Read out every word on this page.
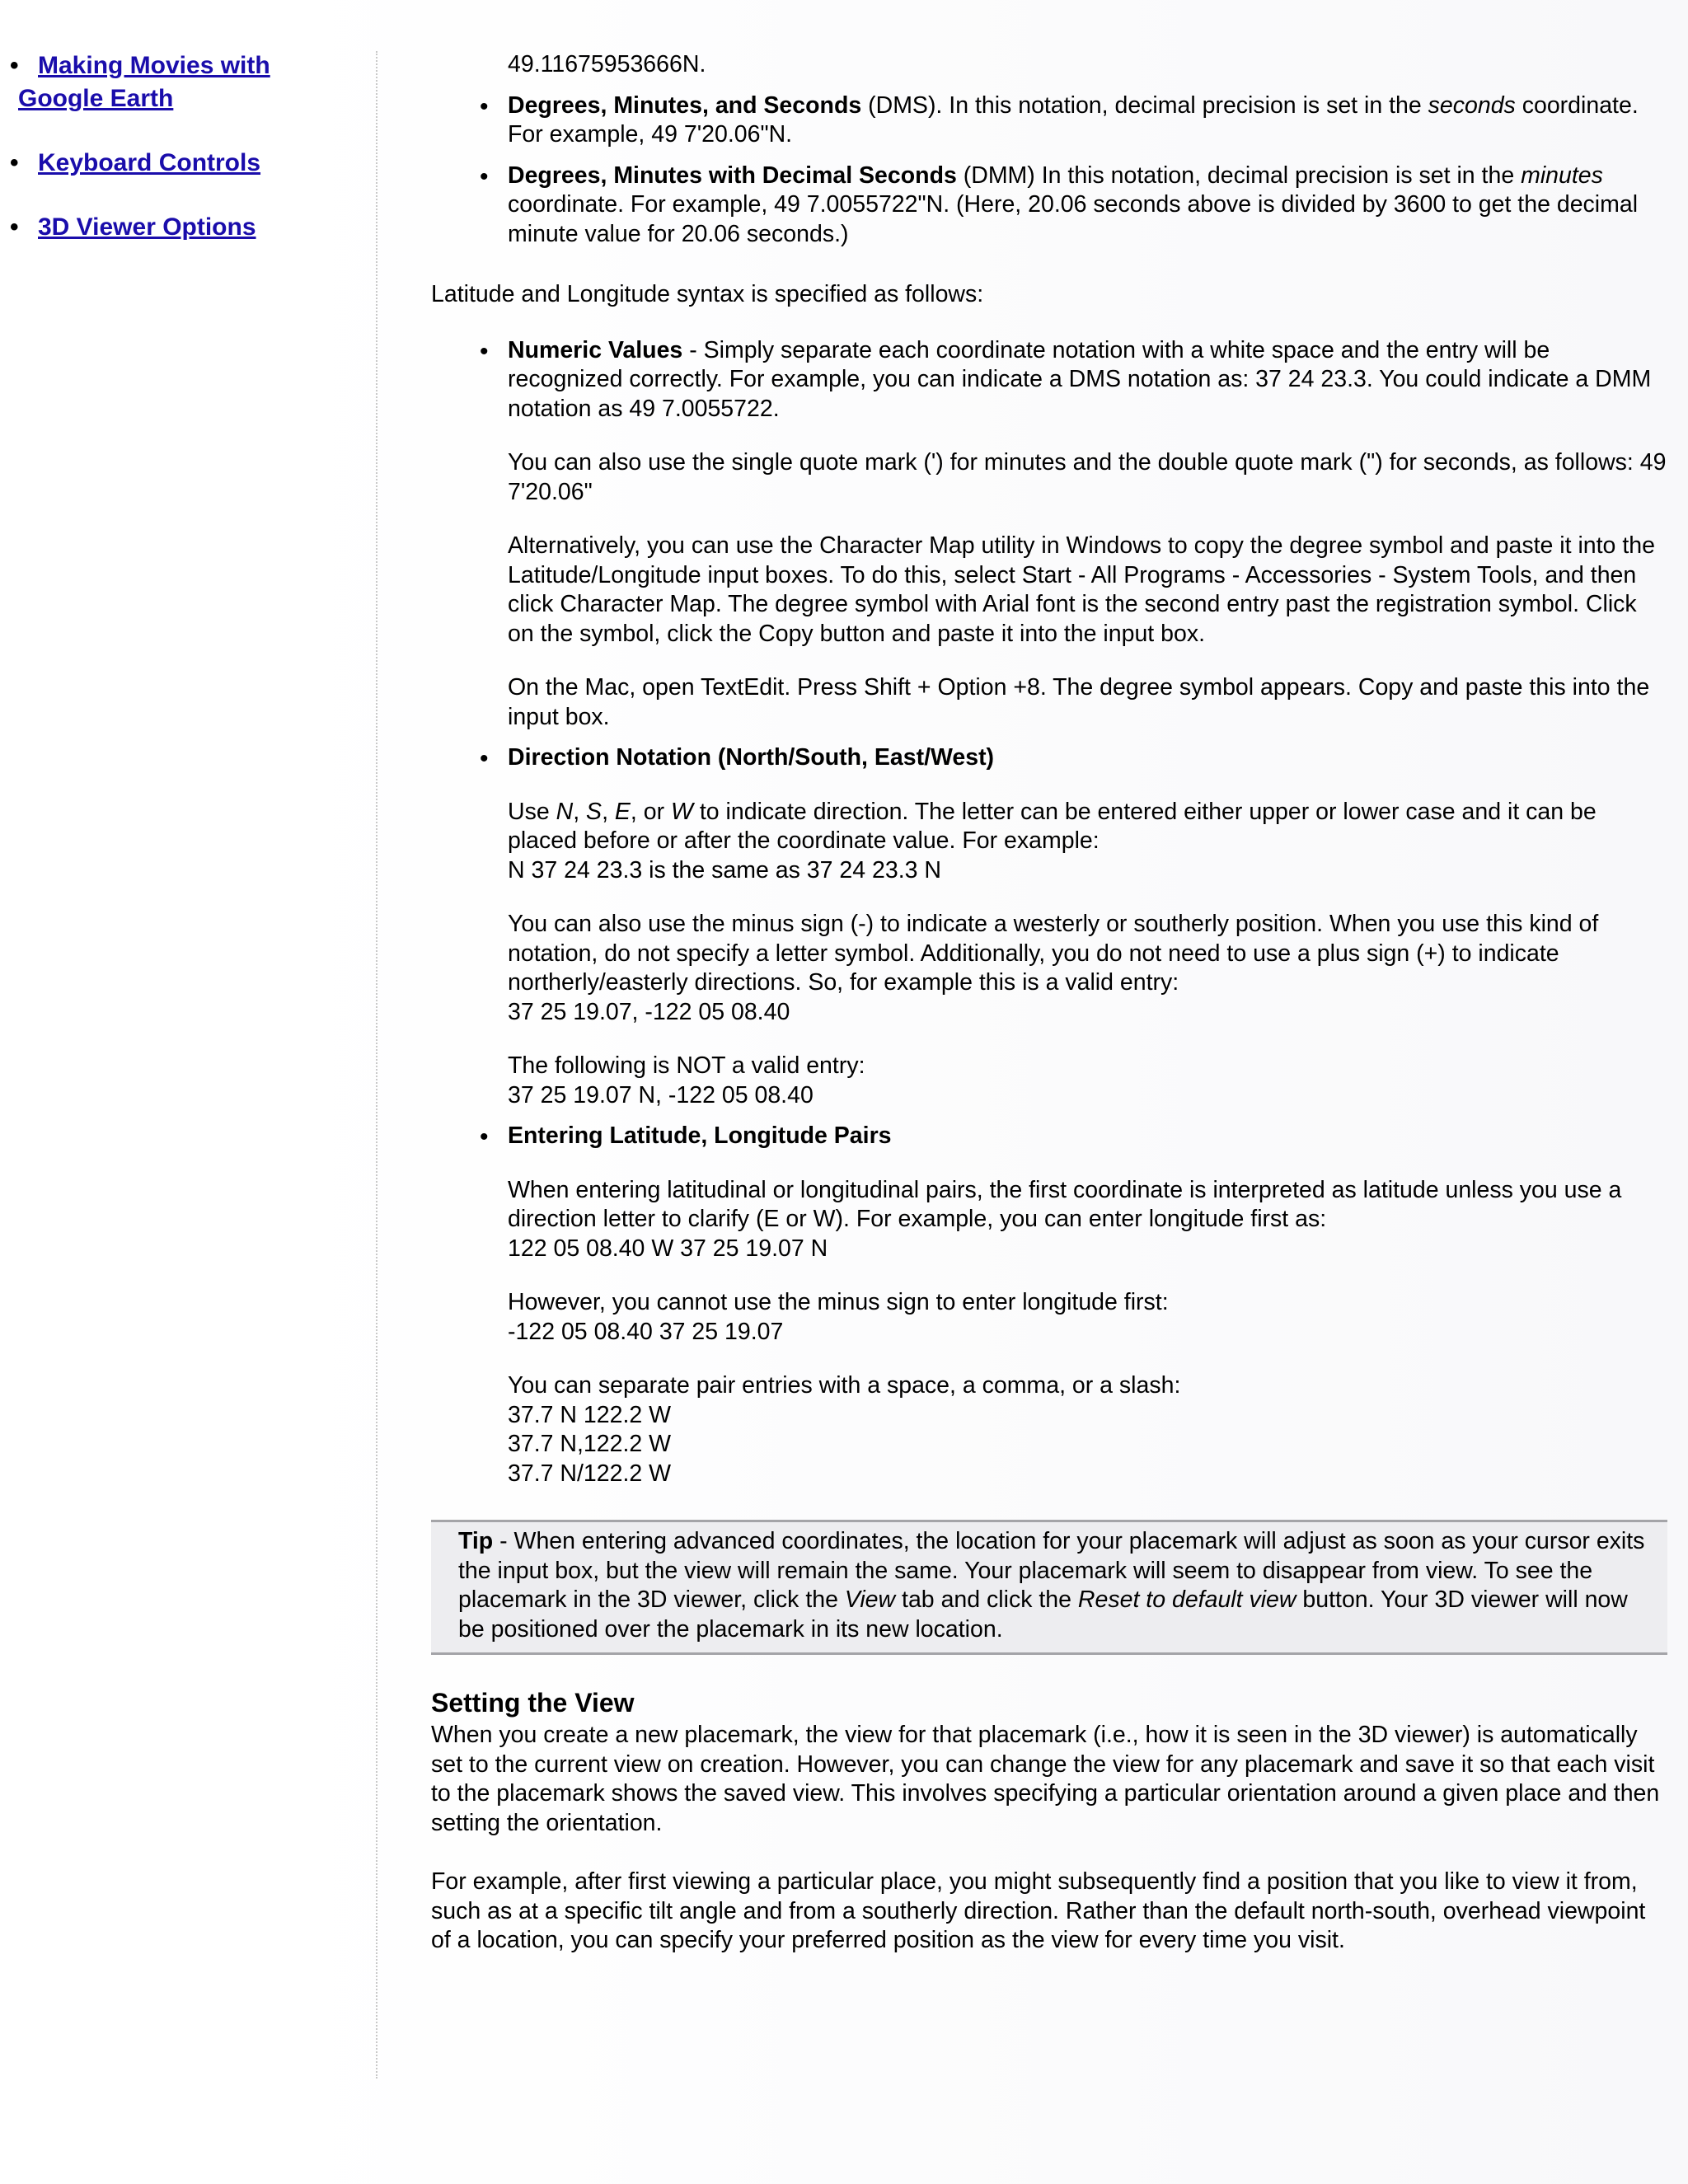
• Making Movies with
Google Earth
• Keyboard Controls
• 3D Viewer Options

49.11675953666N.

• Degrees, Minutes, and Seconds (DMS). In this notation, decimal precision is set in the seconds coordinate. For example, 49 7'20.06"N.

• Degrees, Minutes with Decimal Seconds (DMM) In this notation, decimal precision is set in the minutes coordinate. For example, 49 7.0055722"N. (Here, 20.06 seconds above is divided by 3600 to get the decimal minute value for 20.06 seconds.)

Latitude and Longitude syntax is specified as follows:

• Numeric Values - Simply separate each coordinate notation with a white space and the entry will be recognized correctly. For example, you can indicate a DMS notation as: 37 24 23.3. You could indicate a DMM notation as 49 7.0055722.

You can also use the single quote mark (') for minutes and the double quote mark (") for seconds, as follows: 49 7'20.06"

Alternatively, you can use the Character Map utility in Windows to copy the degree symbol and paste it into the Latitude/Longitude input boxes. To do this, select Start - All Programs - Accessories - System Tools, and then click Character Map. The degree symbol with Arial font is the second entry past the registration symbol. Click on the symbol, click the Copy button and paste it into the input box.

On the Mac, open TextEdit. Press Shift + Option +8. The degree symbol appears. Copy and paste this into the input box.

• Direction Notation (North/South, East/West)

Use N, S, E, or W to indicate direction. The letter can be entered either upper or lower case and it can be placed before or after the coordinate value. For example:
N 37 24 23.3 is the same as 37 24 23.3 N

You can also use the minus sign (-) to indicate a westerly or southerly position. When you use this kind of notation, do not specify a letter symbol. Additionally, you do not need to use a plus sign (+) to indicate northerly/easterly directions. So, for example this is a valid entry:
37 25 19.07, -122 05 08.40

The following is NOT a valid entry:
37 25 19.07 N, -122 05 08.40

• Entering Latitude, Longitude Pairs

When entering latitudinal or longitudinal pairs, the first coordinate is interpreted as latitude unless you use a direction letter to clarify (E or W). For example, you can enter longitude first as:
122 05 08.40 W 37 25 19.07 N

However, you cannot use the minus sign to enter longitude first:
-122 05 08.40 37 25 19.07

You can separate pair entries with a space, a comma, or a slash:
37.7 N 122.2 W
37.7 N,122.2 W
37.7 N/122.2 W

Tip - When entering advanced coordinates, the location for your placemark will adjust as soon as your cursor exits the input box, but the view will remain the same. Your placemark will seem to disappear from view. To see the placemark in the 3D viewer, click the View tab and click the Reset to default view button. Your 3D viewer will now be positioned over the placemark in its new location.

Setting the View

When you create a new placemark, the view for that placemark (i.e., how it is seen in the 3D viewer) is automatically set to the current view on creation. However, you can change the view for any placemark and save it so that each visit to the placemark shows the saved view. This involves specifying a particular orientation around a given place and then setting the orientation.

For example, after first viewing a particular place, you might subsequently find a position that you like to view it from, such as at a specific tilt angle and from a southerly direction. Rather than the default north-south, overhead viewpoint of a location, you can specify your preferred position as the view for every time you visit.
